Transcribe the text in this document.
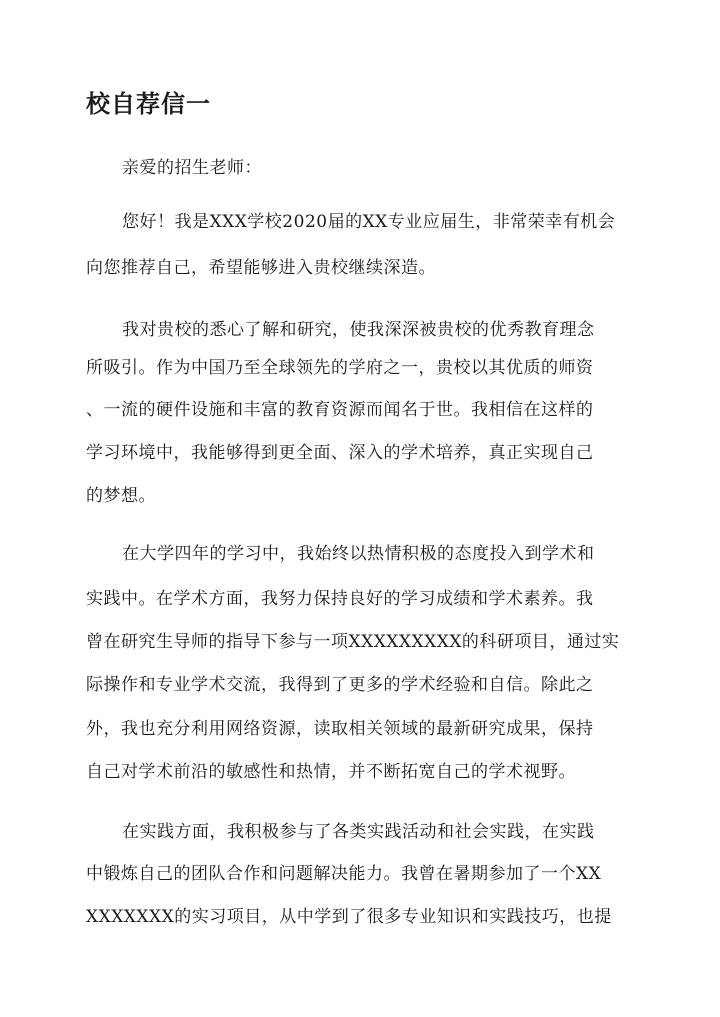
校自荐信一
亲爱的招生老师：
您好！我是XXX学校2020届的XX专业应届生，非常荣幸有机会
向您推荐自己，希望能够进入贵校继续深造。
我对贵校的悉心了解和研究，使我深深被贵校的优秀教育理念
所吸引。作为中国乃至全球领先的学府之一，贵校以其优质的师资
、一流的硬件设施和丰富的教育资源而闻名于世。我相信在这样的
学习环境中，我能够得到更全面、深入的学术培养，真正实现自己
的梦想。
在大学四年的学习中，我始终以热情积极的态度投入到学术和
实践中。在学术方面，我努力保持良好的学习成绩和学术素养。我
曾在研究生导师的指导下参与一项XXXXXXXXX的科研项目，通过实
际操作和专业学术交流，我得到了更多的学术经验和自信。除此之
外，我也充分利用网络资源，读取相关领域的最新研究成果，保持
自己对学术前沿的敏感性和热情，并不断拓宽自己的学术视野。
在实践方面，我积极参与了各类实践活动和社会实践，在实践
中锻炼自己的团队合作和问题解决能力。我曾在暑期参加了一个XX
XXXXXXX的实习项目，从中学到了很多专业知识和实践技巧，也提
